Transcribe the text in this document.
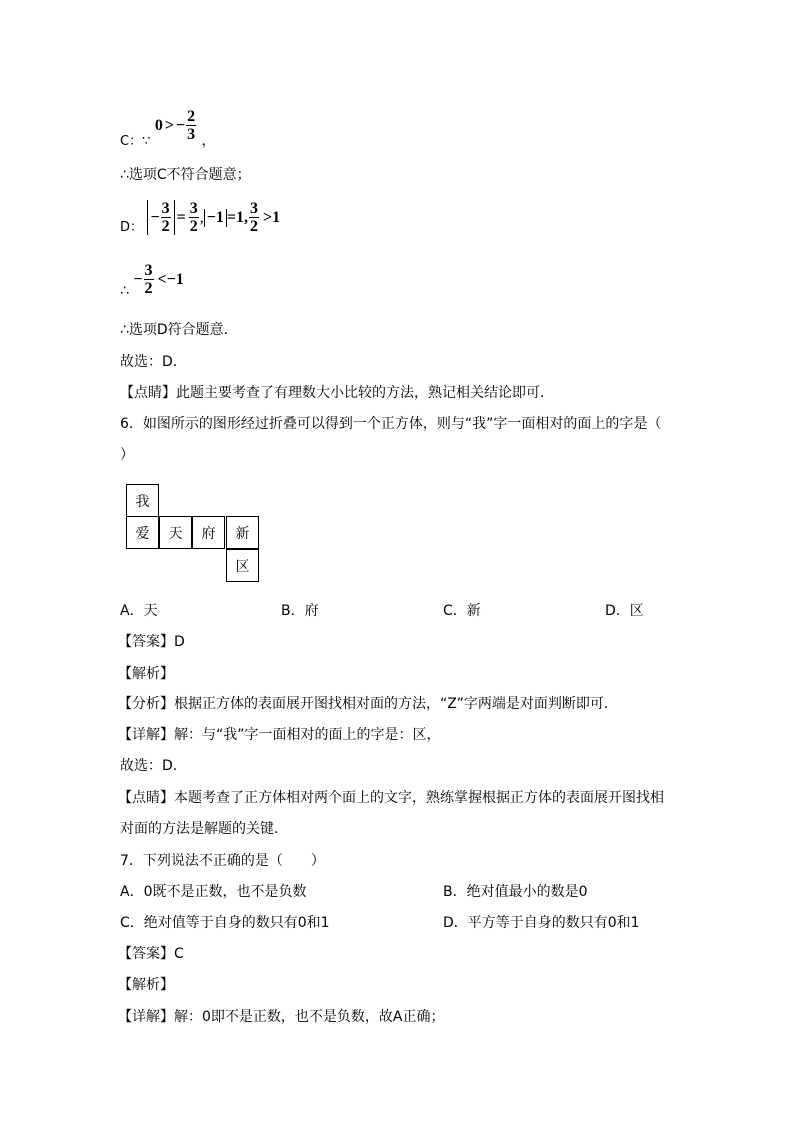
C：∵
0 > − $\frac{2}{3}$ ，
∴选项C不符合题意；
D：
− $\frac{3}{2} = \frac{3}{2}$ , −1 =1, $\frac{3}{2} >1$
∴
− $\frac{3}{2} <-1$
∴选项D符合题意．
故选：D．
【点睛】此题主要考查了有理数大小比较的方法，熟记相关结论即可．
6．如图所示的图形经过折叠可以得到一个正方体，则与“我”字一面相对的面上的字是（
）
我
爱	天	府	新
区
A．天	B．府	C．新	D．区
【答案】D
【解析】
【分析】根据正方体的表面展开图找相对面的方法，“Z”字两端是对面判断即可．
【详解】解：与“我”字一面相对的面上的字是：区，
故选：D．
【点睛】本题考查了正方体相对两个面上的文字，熟练掌握根据正方体的表面展开图找相
对面的方法是解题的关键．
7．下列说法不正确的是（　　）
A．0既不是正数，也不是负数	B．绝对值最小的数是0
C．绝对值等于自身的数只有0和1	D．平方等于自身的数只有0和1
【答案】C
【解析】
【详解】解：0即不是正数，也不是负数，故A正确；
